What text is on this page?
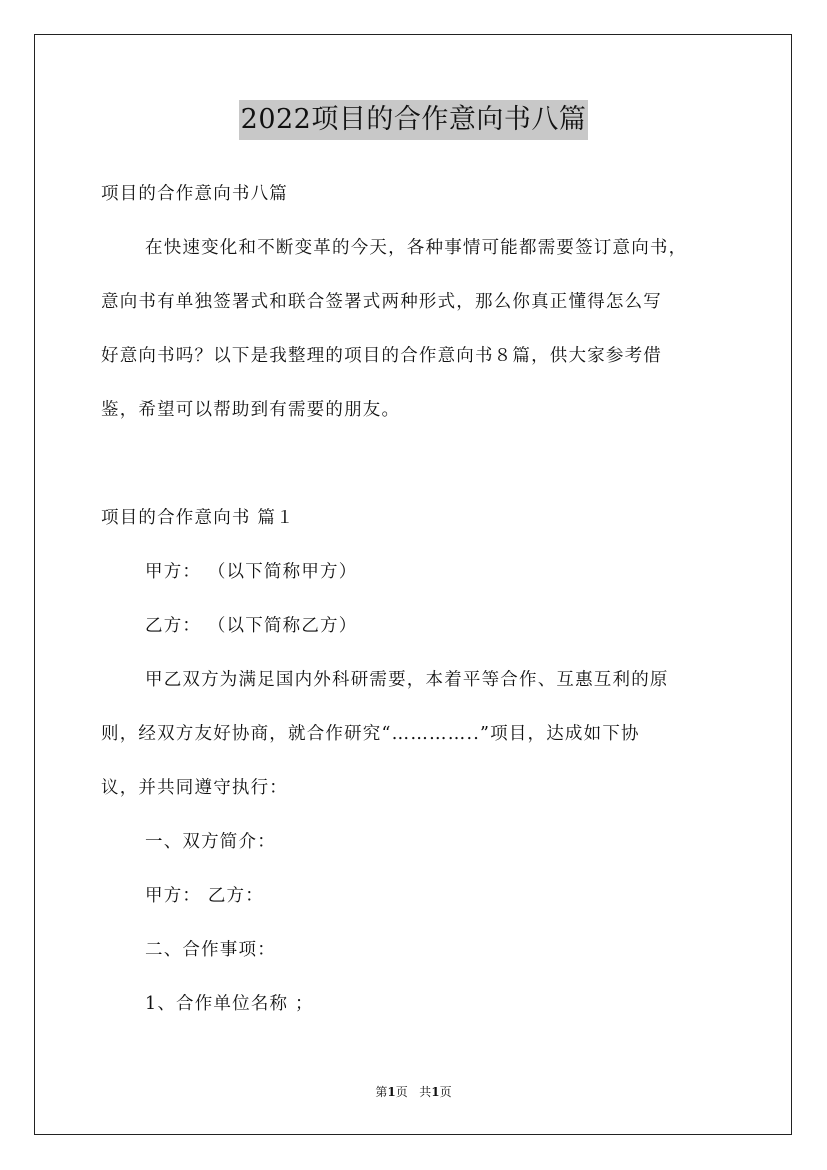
2022项目的合作意向书八篇
项目的合作意向书八篇
在快速变化和不断变革的今天，各种事情可能都需要签订意向书，
意向书有单独签署式和联合签署式两种形式，那么你真正懂得怎么写
好意向书吗？以下是我整理的项目的合作意向书８篇，供大家参考借
鉴，希望可以帮助到有需要的朋友。
项目的合作意向书 篇１
甲方： （以下简称甲方）
乙方： （以下简称乙方）
甲乙双方为满足国内外科研需要，本着平等合作、互惠互利的原
则，经双方友好协商，就合作研究“…………..”项目，达成如下协
议，并共同遵守执行：
一、双方简介：
甲方： 乙方：
二、合作事项：
1、合作单位名称 ；
第1页 共1页
